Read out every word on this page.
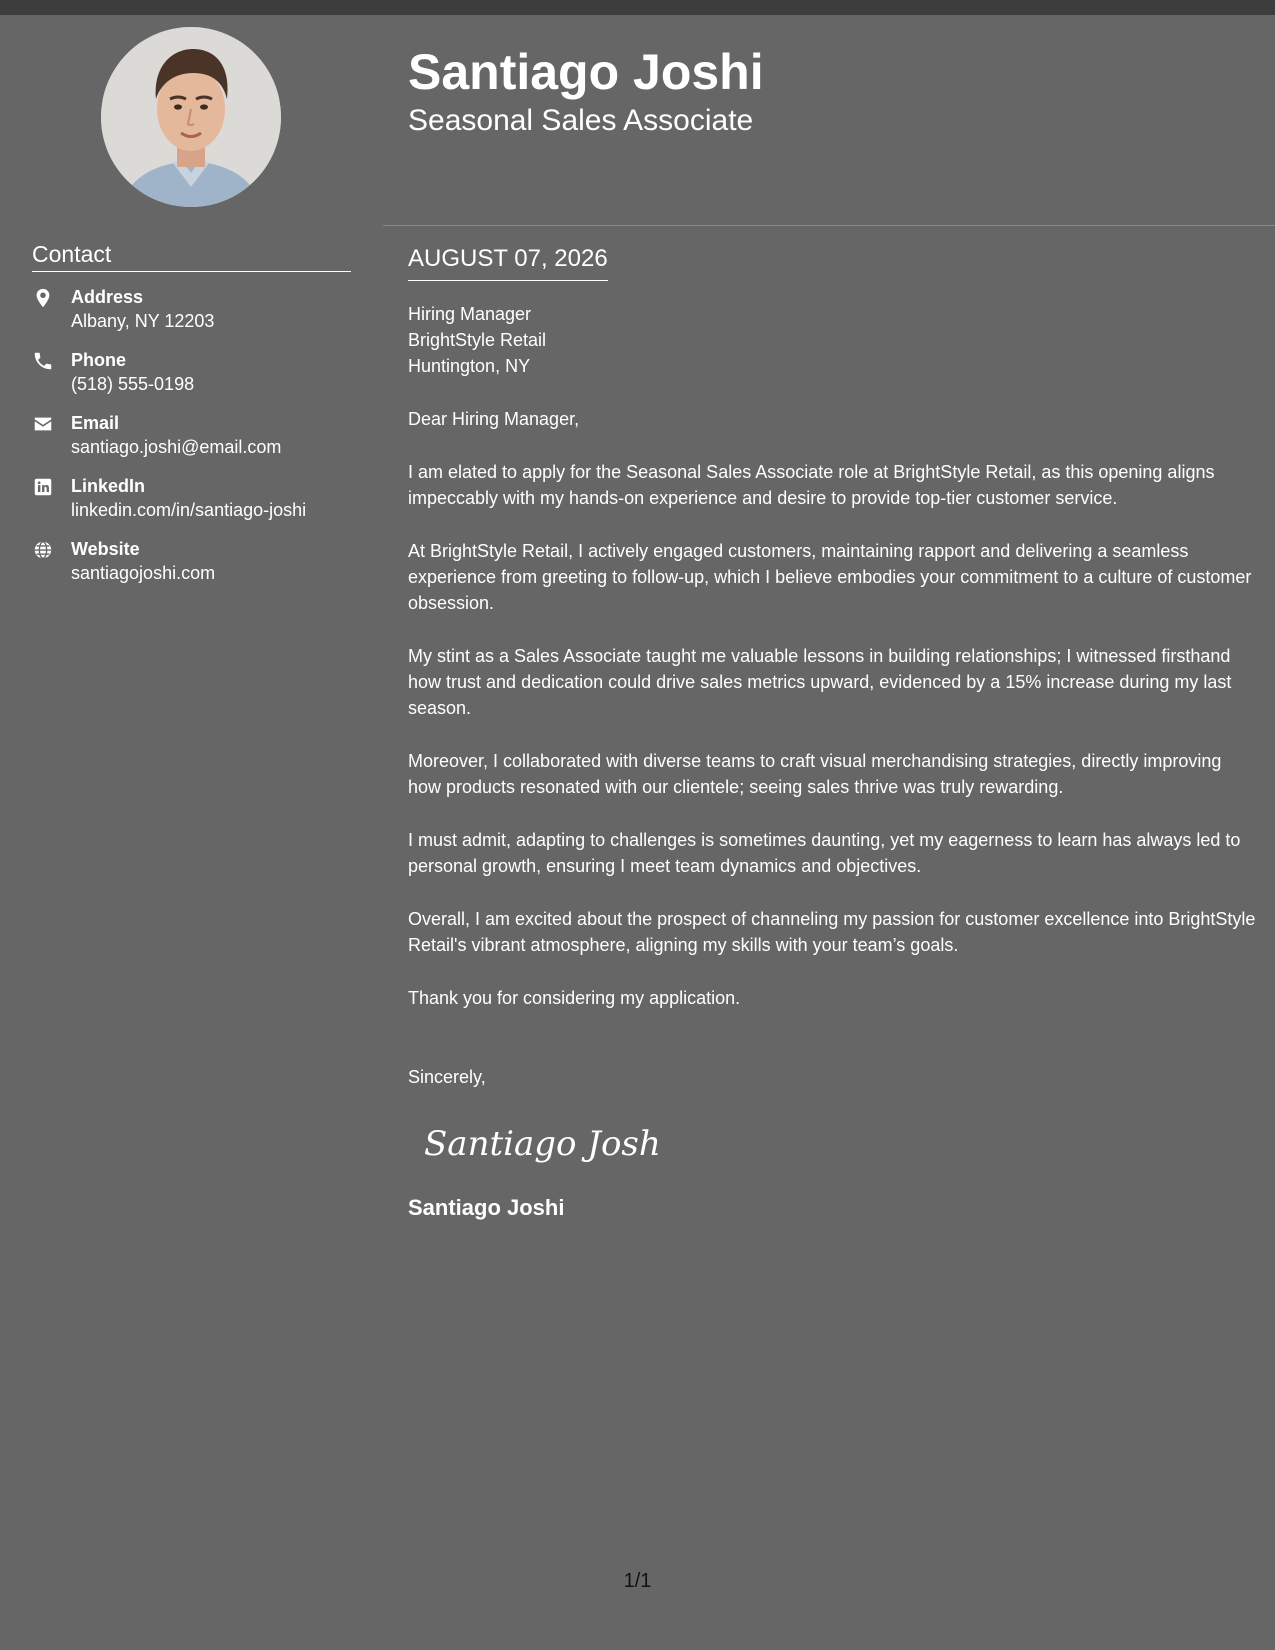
Contact
Address
Albany, NY 12203
Phone
(518) 555-0198
Email
santiago.joshi@email.com
LinkedIn
linkedin.com/in/santiago-joshi
Website
santiagojoshi.com
Santiago Joshi
Seasonal Sales Associate
AUGUST 07, 2026
Hiring Manager
BrightStyle Retail
Huntington, NY
Dear Hiring Manager,
I am elated to apply for the Seasonal Sales Associate role at BrightStyle Retail, as this opening aligns impeccably with my hands-on experience and desire to provide top-tier customer service.
At BrightStyle Retail, I actively engaged customers, maintaining rapport and delivering a seamless experience from greeting to follow-up, which I believe embodies your commitment to a culture of customer obsession.
My stint as a Sales Associate taught me valuable lessons in building relationships; I witnessed firsthand how trust and dedication could drive sales metrics upward, evidenced by a 15% increase during my last season.
Moreover, I collaborated with diverse teams to craft visual merchandising strategies, directly improving how products resonated with our clientele; seeing sales thrive was truly rewarding.
I must admit, adapting to challenges is sometimes daunting, yet my eagerness to learn has always led to personal growth, ensuring I meet team dynamics and objectives.
Overall, I am excited about the prospect of channeling my passion for customer excellence into BrightStyle Retail's vibrant atmosphere, aligning my skills with your team’s goals.
Thank you for considering my application.
Sincerely,
Santiago Joshi
Santiago Joshi
1/1
